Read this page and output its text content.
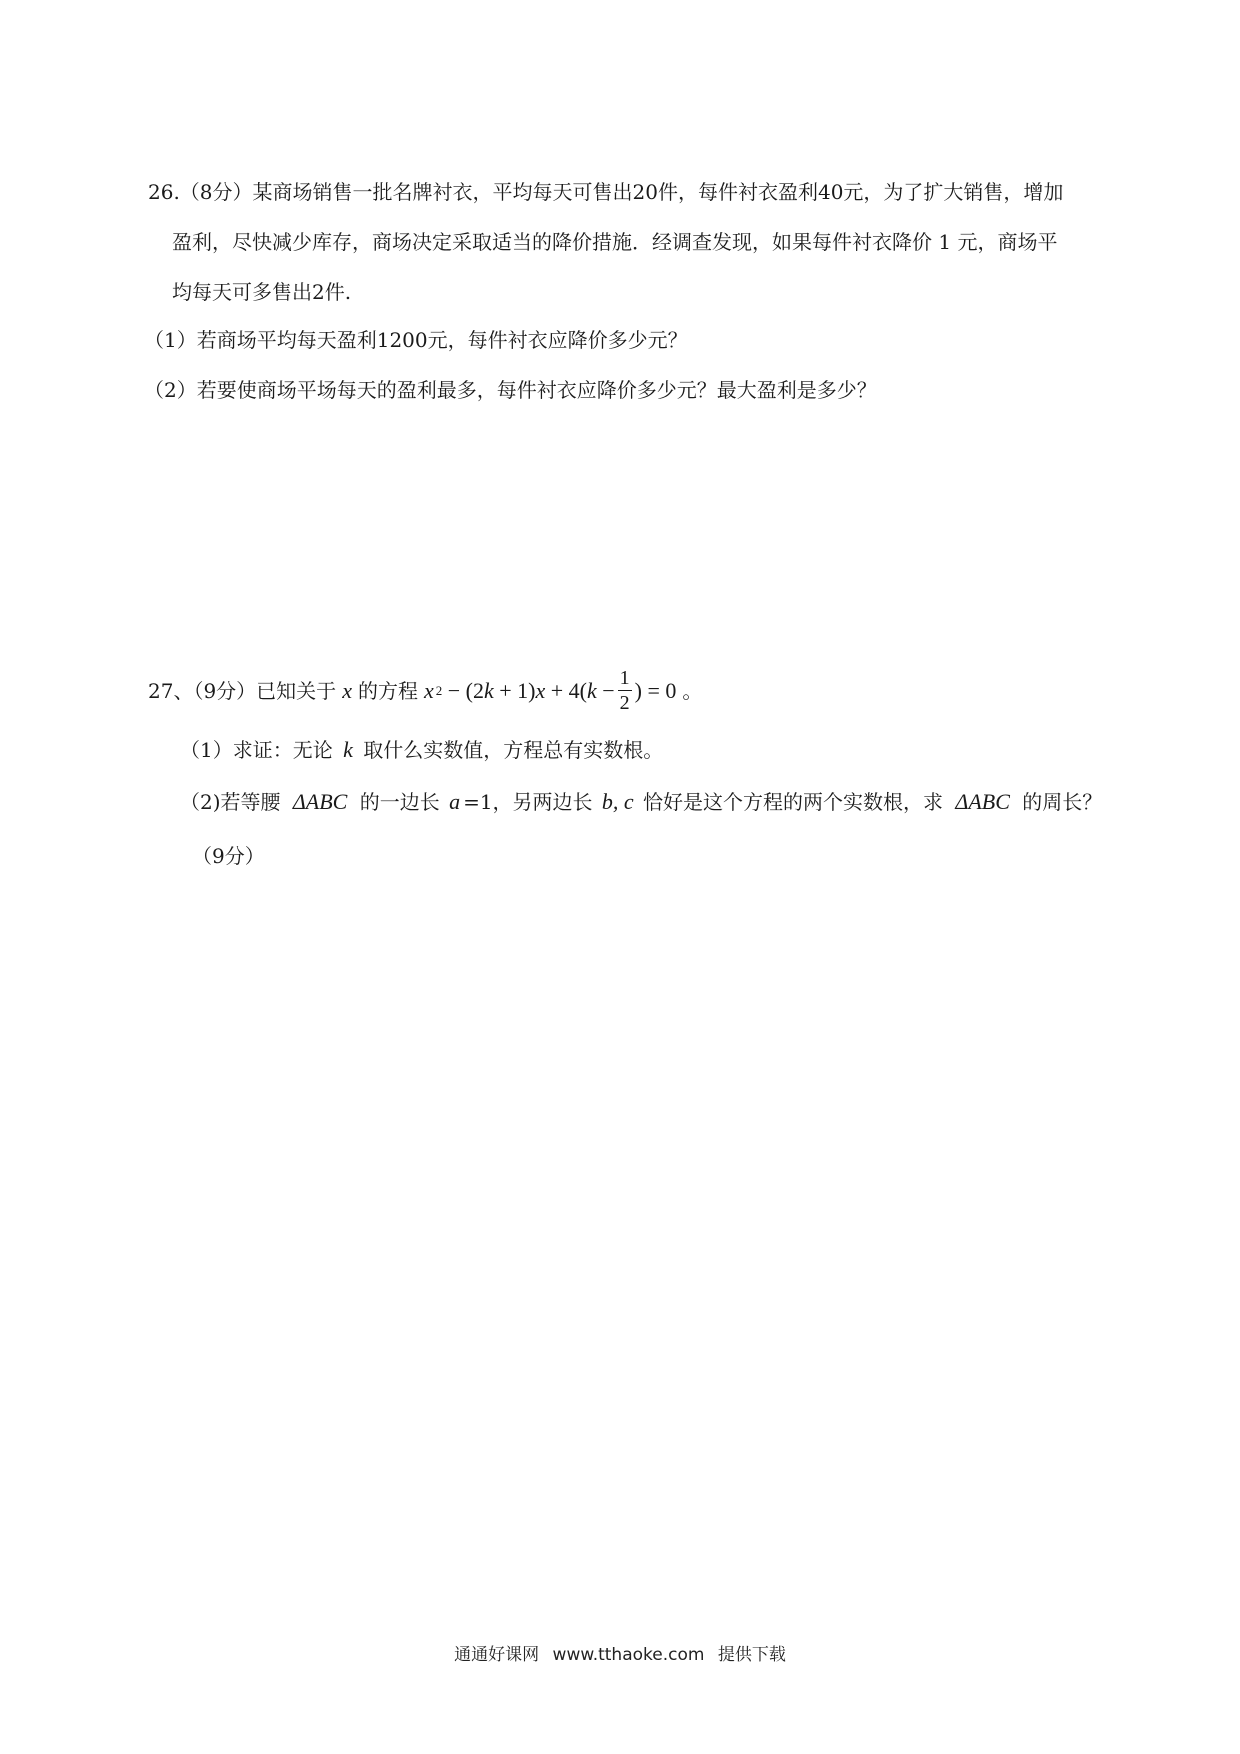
26.（8分）某商场销售一批名牌衬衣，平均每天可售出20件，每件衬衣盈利40元，为了扩大销售，增加
盈利，尽快减少库存，商场决定采取适当的降价措施．经调查发现，如果每件衬衣降价 1 元，商场平
均每天可多售出2件.
（1）若商场平均每天盈利1200元，每件衬衣应降价多少元？
（2）若要使商场平场每天的盈利最多，每件衬衣应降价多少元？最大盈利是多少？
27、（9分）已知关于 x 的方程 x 2 − (2 k + 1) x + 4( $k - \frac{1}{2}$ ) = 0 。
（1）求证：无论 k 取什么实数值，方程总有实数根。
（2)若等腰 ΔABC 的一边长 a =1，另两边长 b, c 恰好是这个方程的两个实数根，求 ΔABC 的周长？
（9分）
通通好课网 www.tthaoke.com 提供下载
